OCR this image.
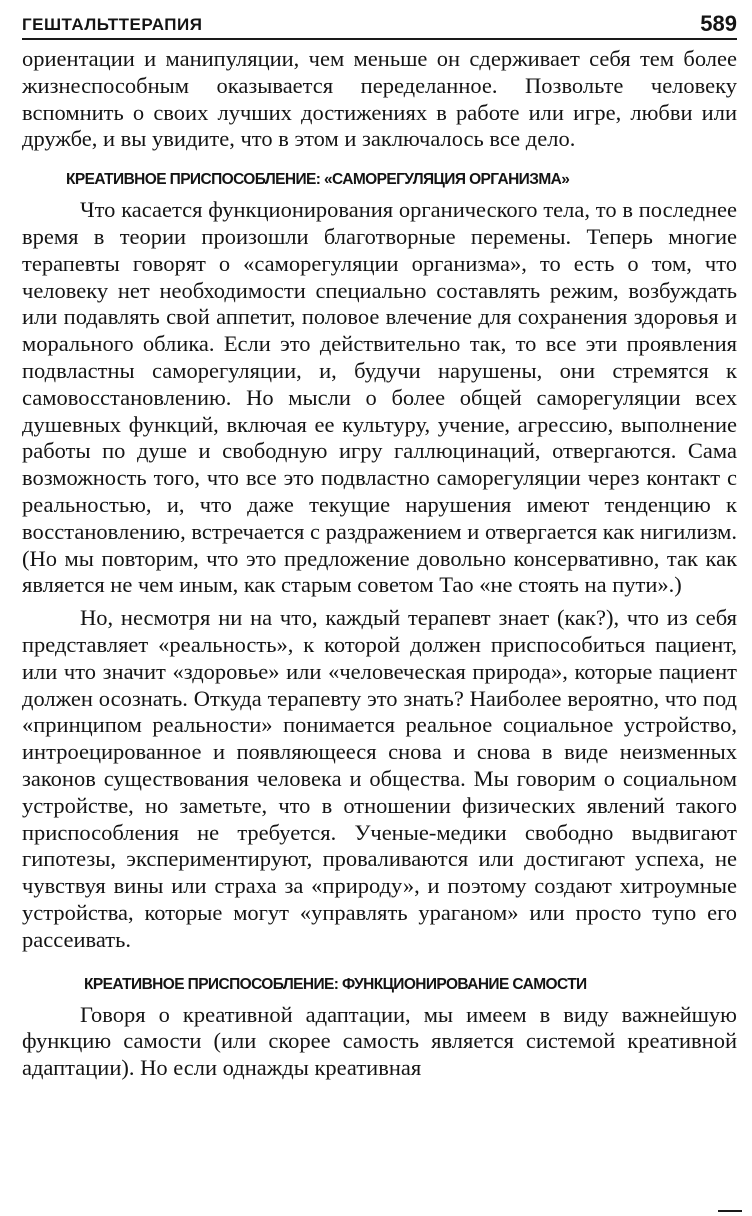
ГЕШТАЛЬТТЕРАПИЯ	589

ориентации и манипуляции, чем меньше он сдерживает себя тем более жизнеспособным оказывается переделанное. Позвольте человеку вспомнить о своих лучших достижениях в работе или игре, любви или дружбе, и вы увидите, что в этом и заключалось все дело.

КРЕАТИВНОЕ ПРИСПОСОБЛЕНИЕ: «САМОРЕГУЛЯЦИЯ ОРГАНИЗМА»

Что касается функционирования органического тела, то в последнее время в теории произошли благотворные перемены. Теперь многие терапевты говорят о «саморегуляции организма», то есть о том, что человеку нет необходимости специально составлять режим, возбуждать или подавлять свой аппетит, половое влечение для сохранения здоровья и морального облика. Если это действительно так, то все эти проявления подвластны саморегуляции, и, будучи нарушены, они стремятся к самовосстановлению. Но мысли о более общей саморегуляции всех душевных функций, включая ее культуру, учение, агрессию, выполнение работы по душе и свободную игру галлюцинаций, отвергаются. Сама возможность того, что все это подвластно саморегуляции через контакт с реальностью, и, что даже текущие нарушения имеют тенденцию к восстановлению, встречается с раздражением и отвергается как нигилизм. (Но мы повторим, что это предложение довольно консервативно, так как является не чем иным, как старым советом Тао «не стоять на пути».)

Но, несмотря ни на что, каждый терапевт знает (как?), что из себя представляет «реальность», к которой должен приспособиться пациент, или что значит «здоровье» или «человеческая природа», которые пациент должен осознать. Откуда терапевту это знать? Наиболее вероятно, что под «принципом реальности» понимается реальное социальное устройство, интроецированное и появляющееся снова и снова в виде неизменных законов существования человека и общества. Мы говорим о социальном устройстве, но заметьте, что в отношении физических явлений такого приспособления не требуется. Ученые-медики свободно выдвигают гипотезы, экспериментируют, проваливаются или достигают успеха, не чувствуя вины или страха за «природу», и поэтому создают хитроумные устройства, которые могут «управлять ураганом» или просто тупо его рассеивать.

КРЕАТИВНОЕ ПРИСПОСОБЛЕНИЕ: ФУНКЦИОНИРОВАНИЕ САМОСТИ

Говоря о креативной адаптации, мы имеем в виду важнейшую функцию самости (или скорее самость является системой креативной адаптации). Но если однажды креативная
